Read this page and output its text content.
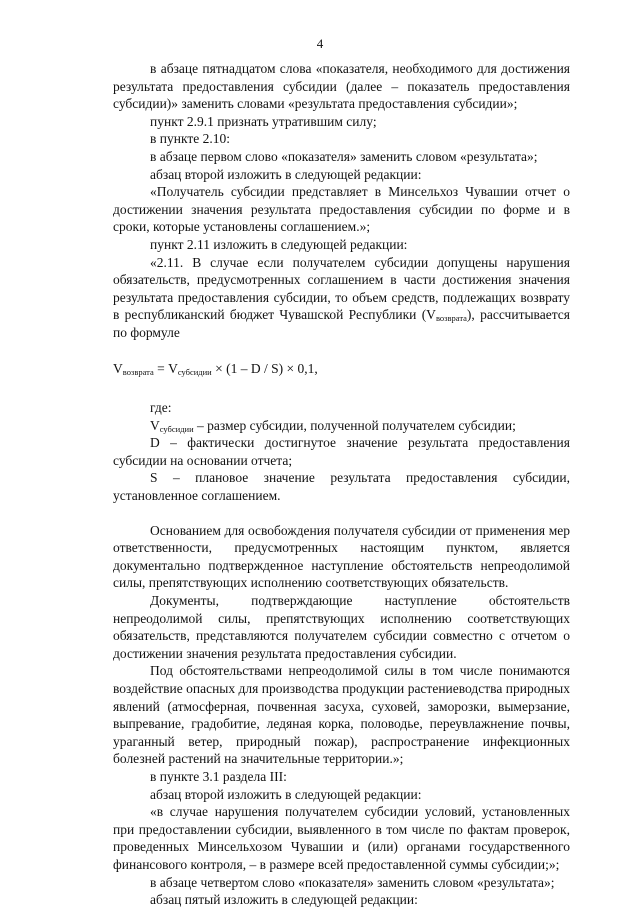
4

в абзаце пятнадцатом слова «показателя, необходимого для достижения результата предоставления субсидии (далее – показатель предоставления субсидии)» заменить словами «результата предоставления субсидии»;

пункт 2.9.1 признать утратившим силу;

в пункте 2.10:

в абзаце первом слово «показателя» заменить словом «результата»;

абзац второй изложить в следующей редакции:

«Получатель субсидии представляет в Минсельхоз Чувашии отчет о достижении значения результата предоставления субсидии по форме и в сроки, которые установлены соглашением.»;

пункт 2.11 изложить в следующей редакции:

«2.11. В случае если получателем субсидии допущены нарушения обязательств, предусмотренных соглашением в части достижения значения результата предоставления субсидии, то объем средств, подлежащих возврату в республиканский бюджет Чувашской Республики $(V_{возврата})$, рассчитывается по формуле

$V_{возврата} = V_{субсидии} \times (1 - D / S) \times 0,1$,

где:

$V_{субсидии}$ – размер субсидии, полученной получателем субсидии;

D – фактически достигнутое значение результата предоставления субсидии на основании отчета;

S – плановое значение результата предоставления субсидии, установленное соглашением.

Основанием для освобождения получателя субсидии от применения мер ответственности, предусмотренных настоящим пунктом, является документально подтвержденное наступление обстоятельств непреодолимой силы, препятствующих исполнению соответствующих обязательств.

Документы, подтверждающие наступление обстоятельств непреодолимой силы, препятствующих исполнению соответствующих обязательств, представляются получателем субсидии совместно с отчетом о достижении значения результата предоставления субсидии.

Под обстоятельствами непреодолимой силы в том числе понимаются воздействие опасных для производства продукции растениеводства природных явлений (атмосферная, почвенная засуха, суховей, заморозки, вымерзание, выпревание, градобитие, ледяная корка, половодье, переувлажнение почвы, ураганный ветер, природный пожар), распространение инфекционных болезней растений на значительные территории.»;

в пункте 3.1 раздела III:

абзац второй изложить в следующей редакции:

«в случае нарушения получателем субсидии условий, установленных при предоставлении субсидии, выявленного в том числе по фактам проверок, проведенных Минсельхозом Чувашии и (или) органами государственного финансового контроля, – в размере всей предоставленной суммы субсидии;»;

в абзаце четвертом слово «показателя» заменить словом «результата»;

абзац пятый изложить в следующей редакции:
